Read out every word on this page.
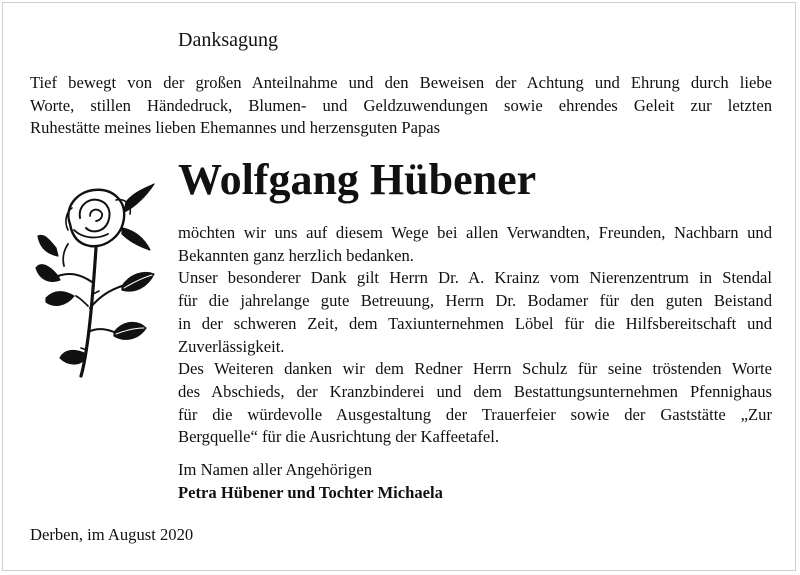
Danksagung
Tief bewegt von der großen Anteilnahme und den Beweisen der Achtung und Ehrung durch liebe
Worte, stillen Händedruck, Blumen- und Geldzuwendungen sowie ehrendes Geleit zur letzten
Ruhestätte meines lieben Ehemannes und herzensguten Papas
Wolfgang Hübener
möchten wir uns auf diesem Wege bei allen Verwandten, Freunden, Nachbarn und
Bekannten ganz herzlich bedanken.
Unser besonderer Dank gilt Herrn Dr. A. Krainz vom Nierenzentrum in Stendal
für die jahrelange gute Betreuung, Herrn Dr. Bodamer für den guten Beistand
in der schweren Zeit, dem Taxiunternehmen Löbel für die Hilfsbereitschaft und
Zuverlässigkeit.
Des Weiteren danken wir dem Redner Herrn Schulz für seine tröstenden Worte
des Abschieds, der Kranzbinderei und dem Bestattungsunternehmen Pfennighaus
für die würdevolle Ausgestaltung der Trauerfeier sowie der Gaststätte „Zur
Bergquelle“ für die Ausrichtung der Kaffeetafel.
Im Namen aller Angehörigen
Petra Hübener und Tochter Michaela
Derben, im August 2020
